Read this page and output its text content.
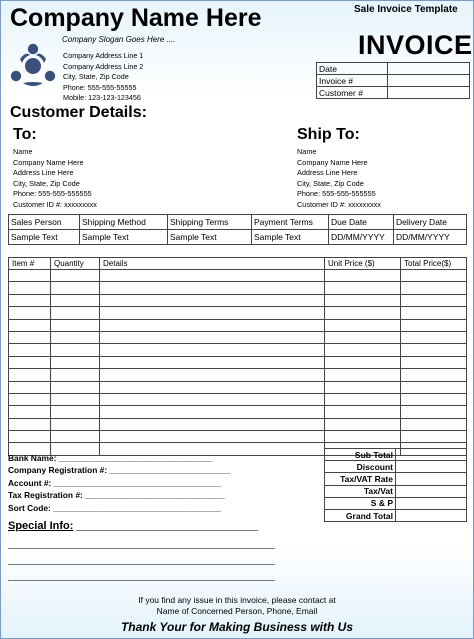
Company Name Here
Company Slogan Goes Here ....
Company Address Line 1
Company Address Line 2
City, State, Zip Code
Phone: 555-555-55555
Mobile: 123-123-123456
Sale Invoice Template
INVOICE
Date	
Invoice #	
Customer #	
Customer Details:
To:
Name
Company Name Here
Address Line Here
City, State, Zip Code
Phone: 555-555-555555
Customer ID #: xxxxxxxxx
Ship To:
Name
Company Name Here
Address Line Here
City, State, Zip Code
Phone: 555-555-555555
Customer ID #: xxxxxxxxx
Sales Person	Shipping Method	Shipping Terms	Payment Terms	Due Date	Delivery Date
Sample Text	Sample Text	Sample Text	Sample Text	DD/MM/YYYY	DD/MM/YYYY
Item #	Quantity	Details	Unit Price ($)	Total Price($)

Bank Name: _________________________________
Company Registration #: __________________________
Account #: ____________________________________
Tax Registration #: ______________________________
Sort Code: ____________________________________
Special Info: _______________________________________
_______________________________________________________
_______________________________________________________
_______________________________________________________
Sub Total	
Discount	
Tax/VAT Rate	
Tax/Vat	
S & P	
Grand Total	
If you find any issue in this invoice, please contact at
Name of Concerned Person, Phone, Email
Thank Your for Making Business with Us
